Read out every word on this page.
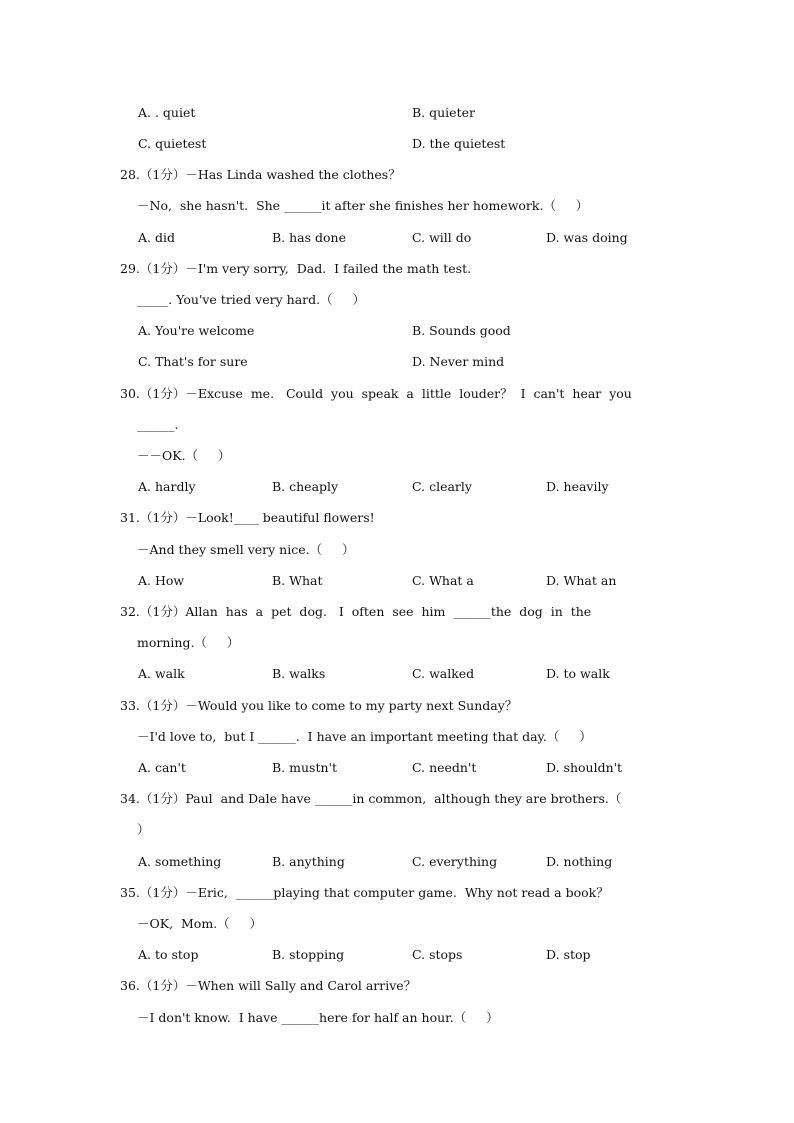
A. . quiet	B. quieter
C. quietest	D. the quietest
28.（1分）－Has Linda washed the clothes？
－No,  she hasn't.  She ______it after she finishes her homework.（     ）
A. did	B. has done	C. will do	D. was doing
29.（1分）－I'm very sorry,  Dad.  I failed the math test.
_____. You've tried very hard.（     ）
A. You're welcome	B. Sounds good
C. That's for sure	D. Never mind
30.（1分）－Excuse  me.   Could  you  speak  a  little  louder？  I  can't  hear  you
______.
－－OK.（     ）
A. hardly	B. cheaply	C. clearly	D. heavily
31.（1分）－Look!____ beautiful flowers!
－And they smell very nice.（     ）
A. How	B. What	C. What a	D. What an
32.（1分）Allan  has  a  pet  dog.   I  often  see  him  ______the  dog  in  the
morning.（     ）
A. walk	B. walks	C. walked	D. to walk
33.（1分）－Would you like to come to my party next Sunday？
－I'd love to,  but I ______.  I have an important meeting that day.（     ）
A. can't	B. mustn't	C. needn't	D. shouldn't
34.（1分）Paul  and Dale have ______in common,  although they are brothers.（
）
A. something	B. anything	C. everything	D. nothing
35.（1分）－Eric,  ______playing that computer game.  Why not read a book？
－OK,  Mom.（     ）
A. to stop	B. stopping	C. stops	D. stop
36.（1分）－When will Sally and Carol arrive？
－I don't know.  I have ______here for half an hour.（     ）
